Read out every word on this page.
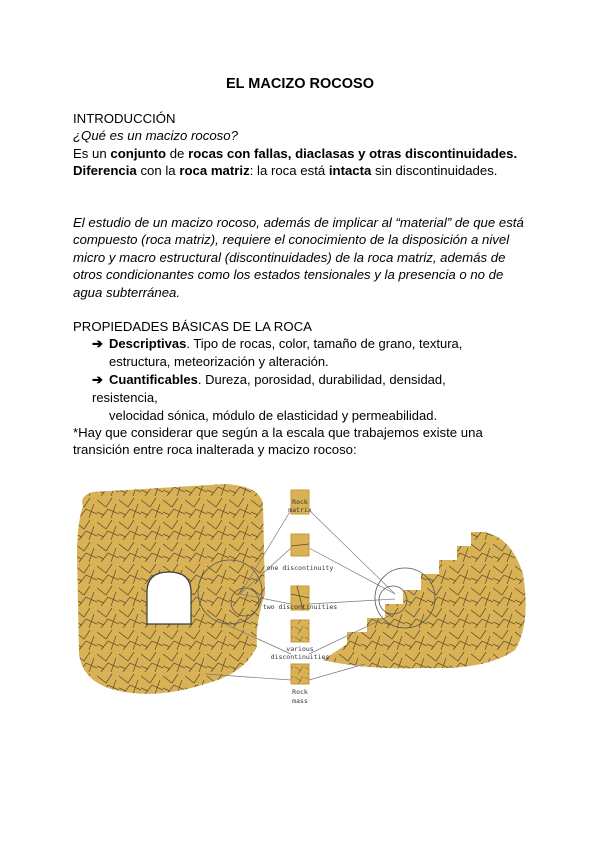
EL MACIZO ROCOSO
INTRODUCCIÓN
¿Qué es un macizo rocoso?
Es un conjunto de rocas con fallas, diaclasas y otras discontinuidades.
Diferencia con la roca matriz: la roca está intacta sin discontinuidades.
El estudio de un macizo rocoso, además de implicar al “material” de que está
compuesto (roca matriz), requiere el conocimiento de la disposición a nivel
micro y macro estructural (discontinuidades) de la roca matriz, además de
otros condicionantes como los estados tensionales y la presencia o no de
agua subterránea.
PROPIEDADES BÁSICAS DE LA ROCA
➔ Descriptivas. Tipo de rocas, color, tamaño de grano, textura,
estructura, meteorización y alteración.
➔ Cuantificables. Dureza, porosidad, durabilidad, densidad, resistencia,
velocidad sónica, módulo de elasticidad y permeabilidad.
*Hay que considerar que según a la escala que trabajemos existe una
transición entre roca inalterada y macizo rocoso:
Rock
matrix
one discontinuity
two discontinuities
various
discontinuities
Rock
mass
